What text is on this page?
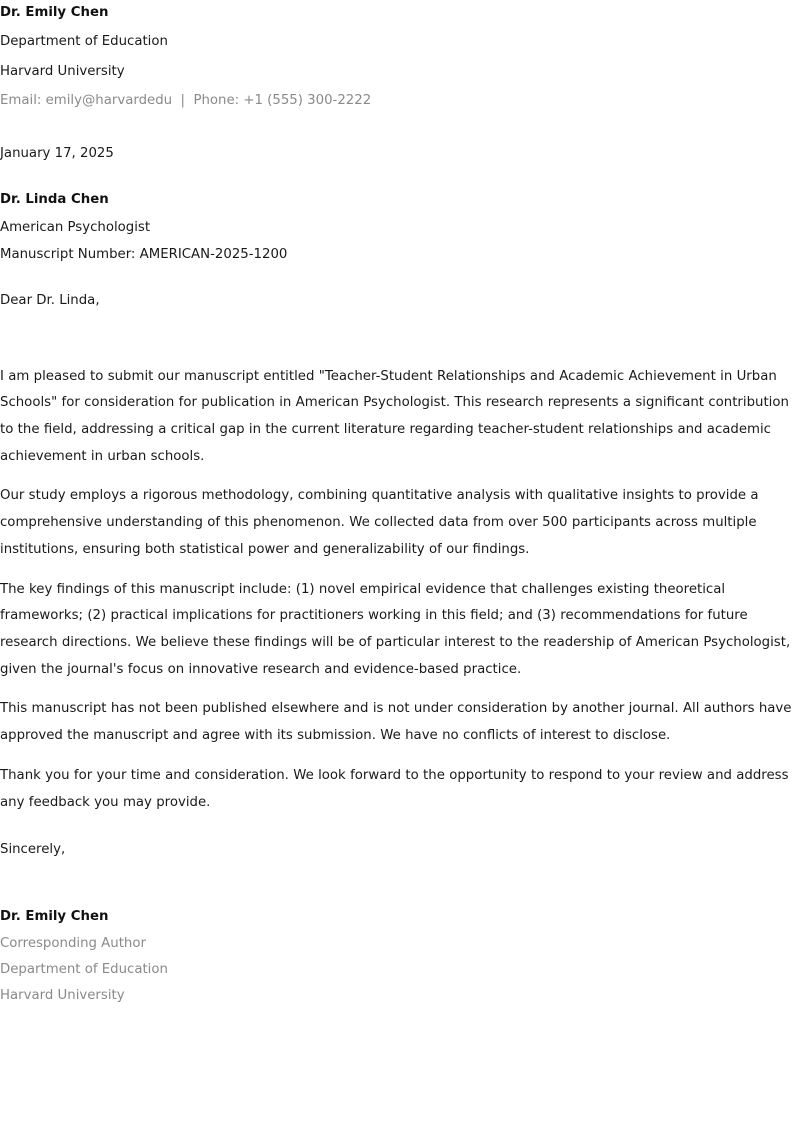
Dr. Emily Chen
Department of Education
Harvard University
Email: emily@harvardedu  |  Phone: +1 (555) 300-2222
January 17, 2025
Dr. Linda Chen
American Psychologist
Manuscript Number: AMERICAN-2025-1200
Dear Dr. Linda,

I am pleased to submit our manuscript entitled "Teacher-Student Relationships and Academic Achievement in Urban Schools" for consideration for publication in American Psychologist. This research represents a significant contribution to the field, addressing a critical gap in the current literature regarding teacher-student relationships and academic achievement in urban schools.

Our study employs a rigorous methodology, combining quantitative analysis with qualitative insights to provide a comprehensive understanding of this phenomenon. We collected data from over 500 participants across multiple institutions, ensuring both statistical power and generalizability of our findings.

The key findings of this manuscript include: (1) novel empirical evidence that challenges existing theoretical frameworks; (2) practical implications for practitioners working in this field; and (3) recommendations for future research directions. We believe these findings will be of particular interest to the readership of American Psychologist, given the journal's focus on innovative research and evidence-based practice.

This manuscript has not been published elsewhere and is not under consideration by another journal. All authors have approved the manuscript and agree with its submission. We have no conflicts of interest to disclose.

Thank you for your time and consideration. We look forward to the opportunity to respond to your review and address any feedback you may provide.

Sincerely,
Dr. Emily Chen
Corresponding Author
Department of Education
Harvard University
